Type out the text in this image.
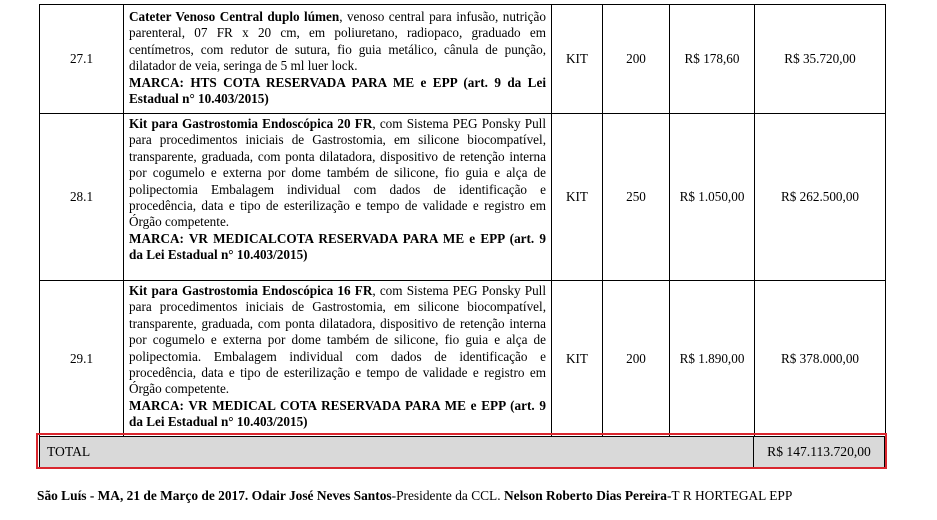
27.1	Cateter Venoso Central duplo lúmen, venoso central para infusão, nutrição parenteral, 07 FR x 20 cm, em poliuretano, radiopaco, graduado em centímetros, com redutor de sutura, fio guia metálico, cânula de punção, dilatador de veia, seringa de 5 ml luer lock.
MARCA: HTS COTA RESERVADA PARA ME e EPP (art. 9 da Lei Estadual n° 10.403/2015)	KIT	200	R$ 178,60	R$ 35.720,00
28.1	Kit para Gastrostomia Endoscópica 20 FR, com Sistema PEG Ponsky Pull para procedimentos iniciais de Gastrostomia, em silicone biocompatível, transparente, graduada, com ponta dilatadora, dispositivo de retenção interna por cogumelo e externa por dome também de silicone, fio guia e alça de polipectomia Embalagem individual com dados de identificação e procedência, data e tipo de esterilização e tempo de validade e registro em Órgão competente.
MARCA: VR MEDICALCOTA RESERVADA PARA ME e EPP (art. 9 da Lei Estadual n° 10.403/2015)	KIT	250	R$ 1.050,00	R$ 262.500,00
29.1	Kit para Gastrostomia Endoscópica 16 FR, com Sistema PEG Ponsky Pull para procedimentos iniciais de Gastrostomia, em silicone biocompatível, transparente, graduada, com ponta dilatadora, dispositivo de retenção interna por cogumelo e externa por dome também de silicone, fio guia e alça de polipectomia. Embalagem individual com dados de identificação e procedência, data e tipo de esterilização e tempo de validade e registro em Órgão competente.
MARCA: VR MEDICAL COTA RESERVADA PARA ME e EPP (art. 9 da Lei Estadual n° 10.403/2015)	KIT	200	R$ 1.890,00	R$ 378.000,00
TOTAL	R$ 147.113.720,00
São Luís - MA, 21 de Março de 2017. Odair José Neves Santos-Presidente da CCL. Nelson Roberto Dias Pereira-T R HORTEGAL EPP
